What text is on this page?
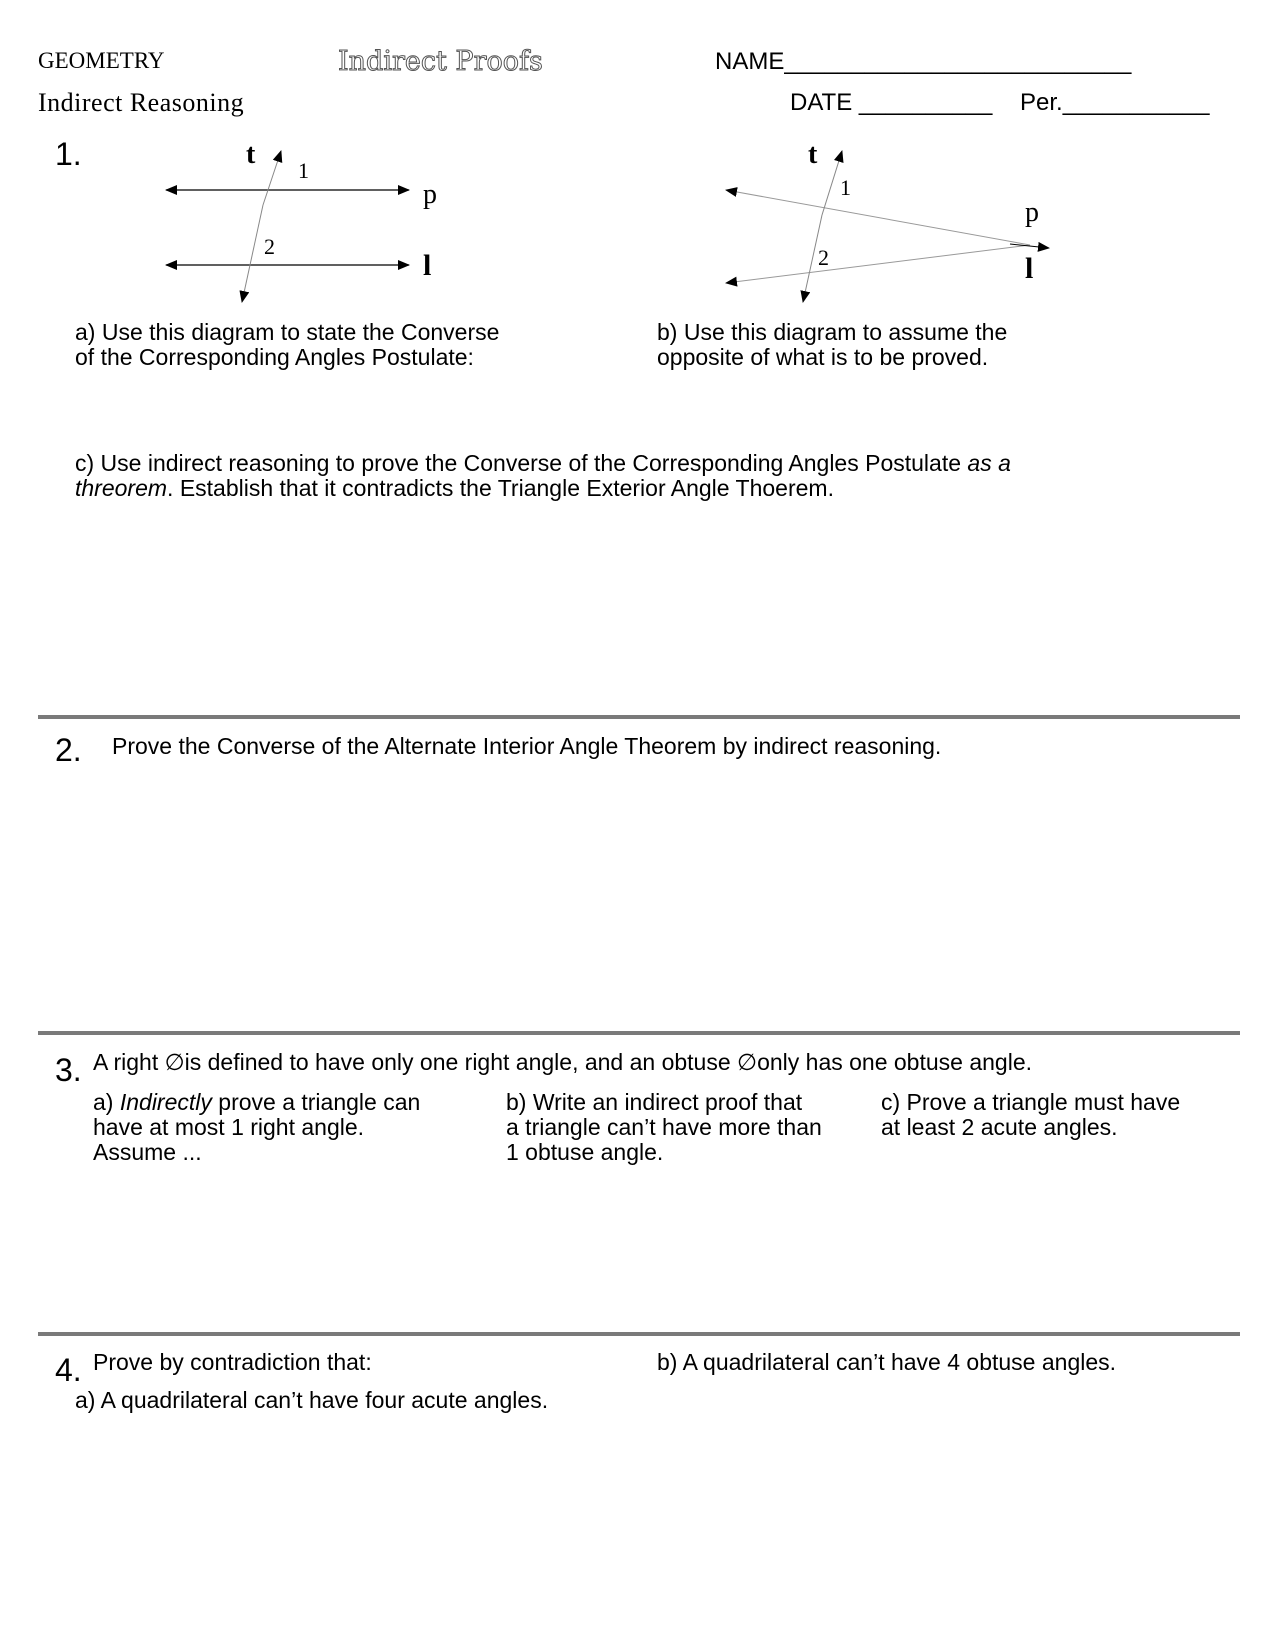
GEOMETRY	Indirect Proofs
Indirect Reasoning
NAME__________________________
DATE __________ Per.___________
1.	t
1
2
p
l
t
1
2
p
l
a) Use this diagram to state the Converse
of the Corresponding Angles Postulate:
b) Use this diagram to assume the
opposite of what is to be proved.
c) Use indirect reasoning to prove the Converse of the Corresponding Angles Postulate as a
threorem. Establish that it contradicts the Triangle Exterior Angle Thoerem.
2. Prove the Converse of the Alternate Interior Angle Theorem by indirect reasoning.
3. A right ∅is defined to have only one right angle, and an obtuse ∅only has one obtuse angle.
a) Indirectly prove a triangle can
have at most 1 right angle.
Assume ...
b) Write an indirect proof that
a triangle can’t have more than
1 obtuse angle.
c) Prove a triangle must have
at least 2 acute angles.
4. Prove by contradiction that:
a) A quadrilateral can’t have four acute angles.
b) A quadrilateral can’t have 4 obtuse angles.
